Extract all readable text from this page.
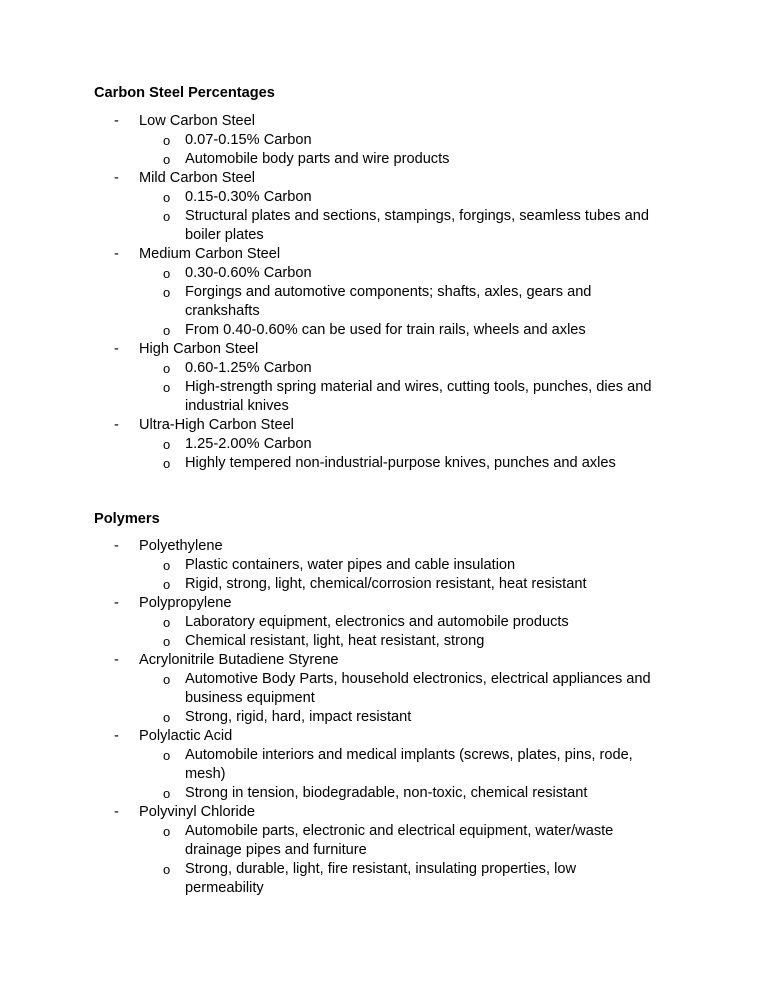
Carbon Steel Percentages
- Low Carbon Steel
o 0.07-0.15% Carbon
o Automobile body parts and wire products
- Mild Carbon Steel
o 0.15-0.30% Carbon
o Structural plates and sections, stampings, forgings, seamless tubes and boiler plates
- Medium Carbon Steel
o 0.30-0.60% Carbon
o Forgings and automotive components; shafts, axles, gears and crankshafts
o From 0.40-0.60% can be used for train rails, wheels and axles
- High Carbon Steel
o 0.60-1.25% Carbon
o High-strength spring material and wires, cutting tools, punches, dies and industrial knives
- Ultra-High Carbon Steel
o 1.25-2.00% Carbon
o Highly tempered non-industrial-purpose knives, punches and axles
Polymers
- Polyethylene
o Plastic containers, water pipes and cable insulation
o Rigid, strong, light, chemical/corrosion resistant, heat resistant
- Polypropylene
o Laboratory equipment, electronics and automobile products
o Chemical resistant, light, heat resistant, strong
- Acrylonitrile Butadiene Styrene
o Automotive Body Parts, household electronics, electrical appliances and business equipment
o Strong, rigid, hard, impact resistant
- Polylactic Acid
o Automobile interiors and medical implants (screws, plates, pins, rode, mesh)
o Strong in tension, biodegradable, non-toxic, chemical resistant
- Polyvinyl Chloride
o Automobile parts, electronic and electrical equipment, water/waste drainage pipes and furniture
o Strong, durable, light, fire resistant, insulating properties, low permeability
